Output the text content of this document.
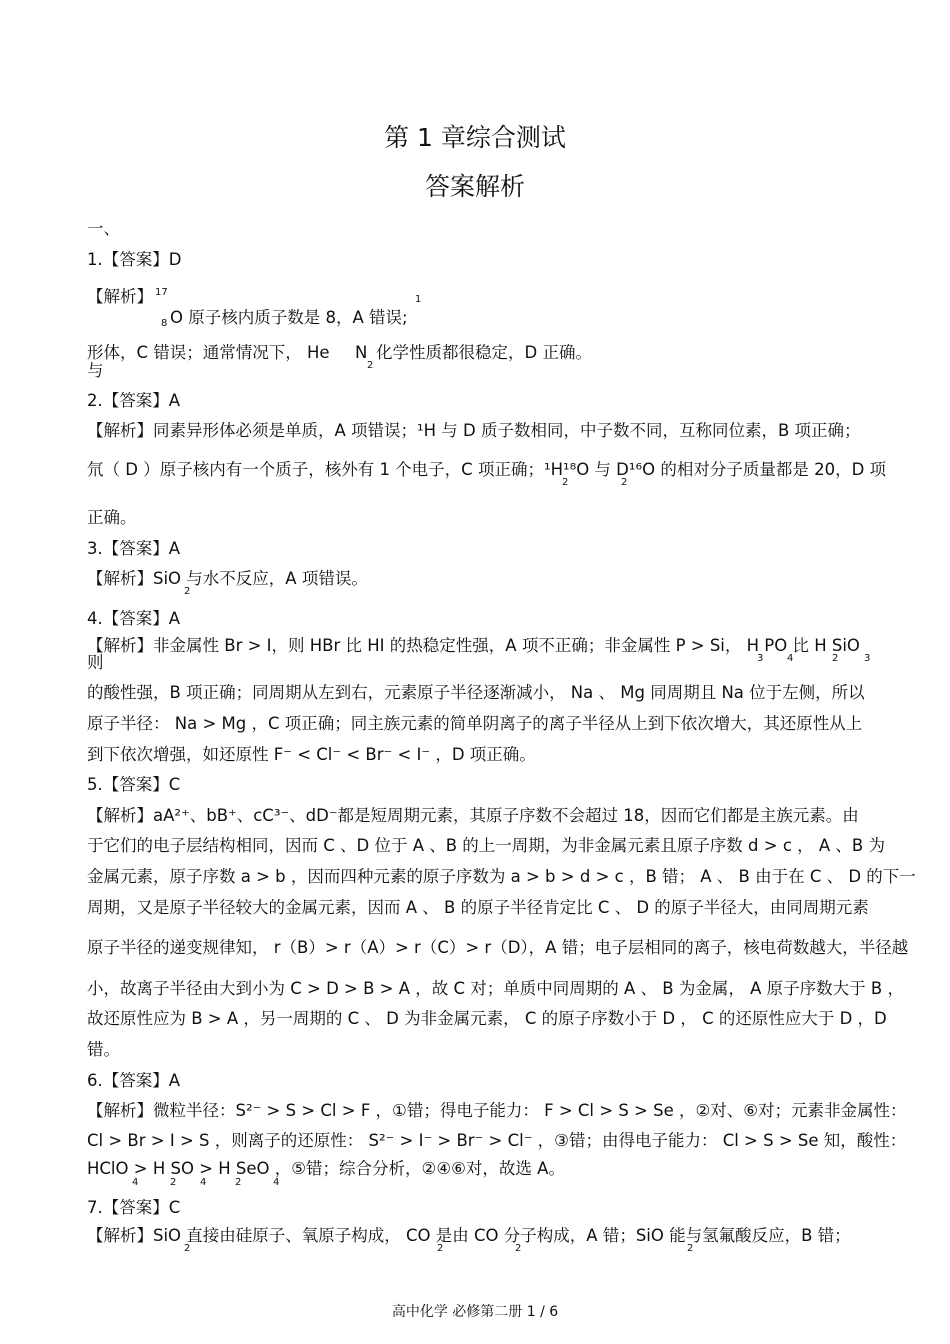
第 1 章综合测试
答案解析
一、
1.【答案】D
【解析】 17
8 O 原子核内质子数是 8，A 错误;
1
形体，C 错误；通常情况下， He N
2
化学性质都很稳定，D 正确。
与
2.【答案】A
【解析】同素异形体必须是单质，A 项错误；¹H 与 D 质子数相同，中子数不同，互称同位素，B 项正确；
氘（ D ）原子核内有一个质子，核外有 1 个电子，C 项正确；¹H¹⁸O 与 D¹⁶O 的相对分子质量都是 20，D 项
2	2
正确。
3.【答案】A
【解析】SiO 与水不反应，A 项错误。
2
4.【答案】A
【解析】非金属性 Br > I，则 HBr 比 HI 的热稳定性强，A 项不正确；非金属性 P > Si， H PO 比 H SiO
则	3 4	2	3
的酸性强，B 项正确；同周期从左到右，元素原子半径逐渐减小， Na 、 Mg 同周期且 Na 位于左侧，所以
原子半径： Na > Mg ，C 项正确；同主族元素的简单阴离子的离子半径从上到下依次增大，其还原性从上
到下依次增强，如还原性 F⁻ < Cl⁻ < Br⁻ < I⁻ ，D 项正确。
5.【答案】C
【解析】aA²⁺、bB⁺、cC³⁻、dD⁻都是短周期元素，其原子序数不会超过 18，因而它们都是主族元素。由
于它们的电子层结构相同，因而 C 、D 位于 A 、B 的上一周期，为非金属元素且原子序数 d > c ， A 、B 为
金属元素，原子序数 a > b ，因而四种元素的原子序数为 a > b > d > c ，B 错； A 、 B 由于在 C 、 D 的下一
周期，又是原子半径较大的金属元素，因而 A 、 B 的原子半径肯定比 C 、 D 的原子半径大，由同周期元素
原子半径的递变规律知， r（B）> r（A）> r（C）> r（D），A 错；电子层相同的离子，核电荷数越大，半径越
小，故离子半径由大到小为 C > D > B > A ，故 C 对；单质中同周期的 A 、 B 为金属， A 原子序数大于 B ，
故还原性应为 B > A ，另一周期的 C 、 D 为非金属元素， C 的原子序数小于 D ， C 的还原性应大于 D ，D
错。
6.【答案】A
【解析】微粒半径：S²⁻ > S > Cl > F ，①错；得电子能力： F > Cl > S > Se ，②对、⑥对；元素非金属性：
Cl > Br > I > S ，则离子的还原性： S²⁻ > I⁻ > Br⁻ > Cl⁻ ，③错；由得电子能力： Cl > S > Se 知，酸性：
HClO > H SO > H SeO ，⑤错；综合分析，②④⑥对，故选 A。
4	2 4	2	4
7.【答案】C
【解析】SiO 直接由硅原子、氧原子构成， CO 是由 CO 分子构成，A 错；SiO 能与氢氟酸反应，B 错；
2	2	2	2
高中化学 必修第二册 1 / 6
